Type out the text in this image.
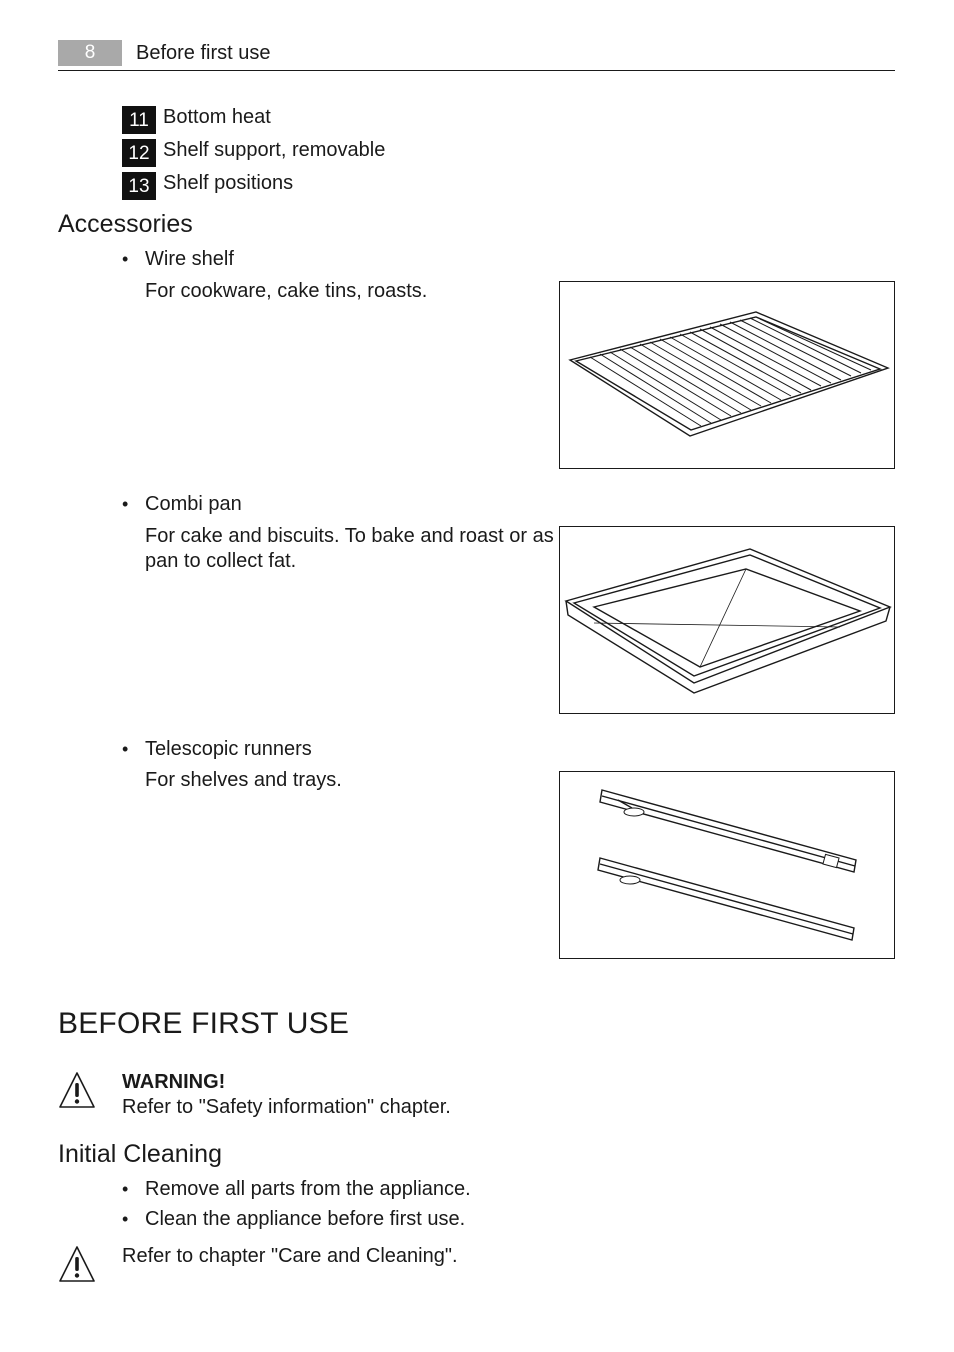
8	Before first use
11 Bottom heat
12 Shelf support, removable
13 Shelf positions
Accessories
• Wire shelf
For cookware, cake tins, roasts.
• Combi pan
For cake and biscuits. To bake and roast or as
pan to collect fat.
• Telescopic runners
For shelves and trays.
BEFORE FIRST USE
WARNING!
Refer to "Safety information" chapter.
Initial Cleaning
• Remove all parts from the appliance.
• Clean the appliance before first use.
Refer to chapter "Care and Cleaning".
